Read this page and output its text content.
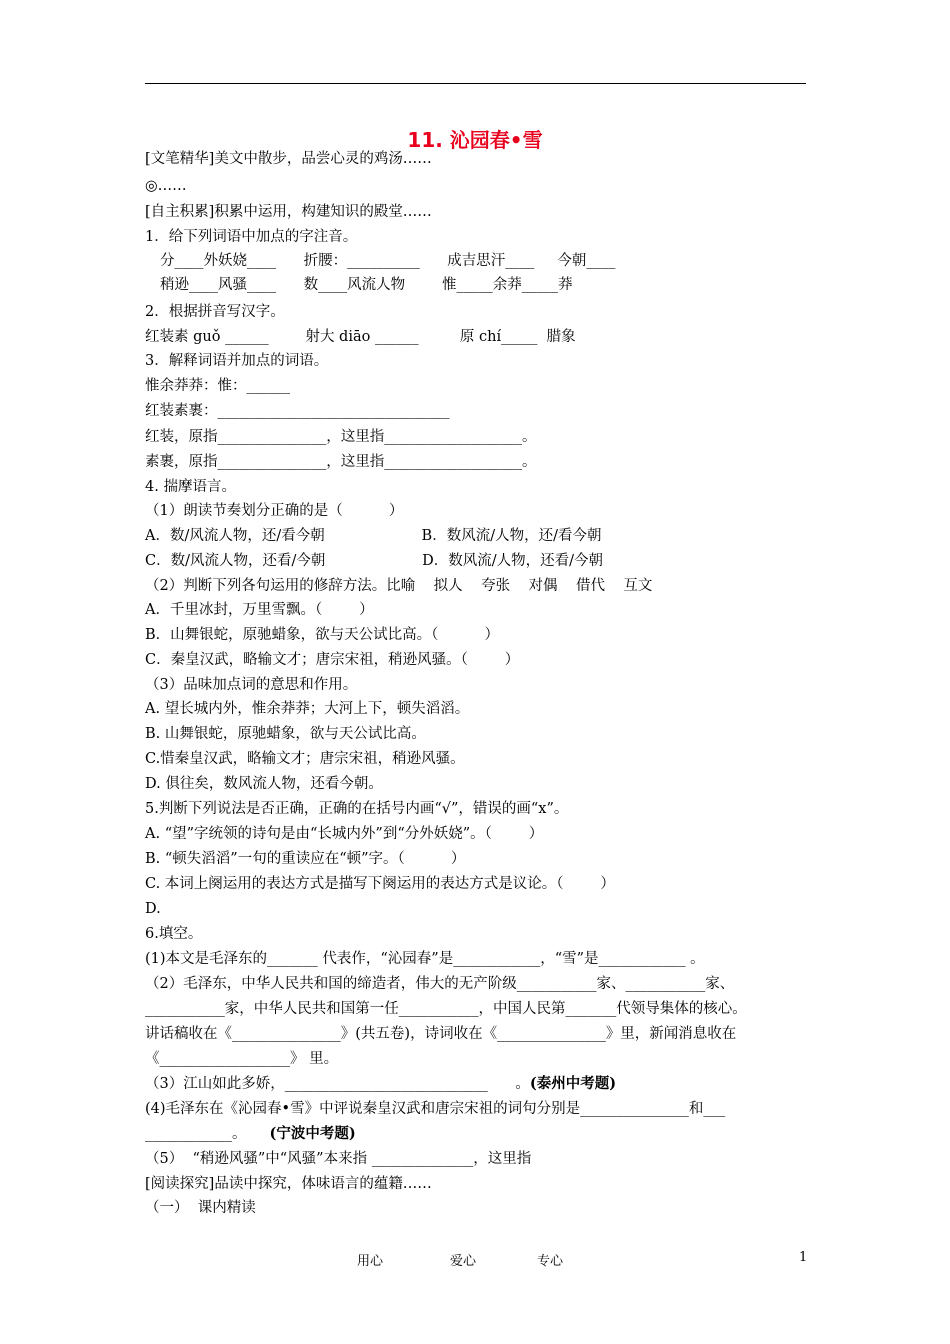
11. 沁园春•雪
[文笔精华]美文中散步，品尝心灵的鸡汤……
◎……
[自主积累]积累中运用，构建知识的殿堂……
1．给下列词语中加点的字注音。
分____外妖娆____      折腰：__________      成吉思汗____     今朝____
稍逊____风骚____      数____风流人物        惟_____余莽_____莽
2．根据拼音写汉字。
红装素 guǒ ______        射大 diāo ______         原 chí_____  腊象
3．解释词语并加点的词语。
惟余莽莽：惟：______
红装素裹：________________________________
红装，原指_______________，这里指___________________。
素裹，原指_______________，这里指___________________。
4. 揣摩语言。
（1）朗读节奏划分正确的是（          ）
A．数/风流人物，还/看今朝                     B．数风流/人物，还/看今朝
C．数/风流人物，还看/今朝                     D．数风流/人物，还看/今朝
（2）判断下列各句运用的修辞方法。比喻    拟人    夸张    对偶    借代    互文
A．千里冰封，万里雪飘。（        ）
B．山舞银蛇，原驰蜡象，欲与天公试比高。（          ）
C．秦皇汉武，略输文才；唐宗宋祖，稍逊风骚。（        ）
（3）品味加点词的意思和作用。
A. 望长城内外，惟余莽莽；大河上下，顿失滔滔。
B. 山舞银蛇，原驰蜡象，欲与天公试比高。
C.惜秦皇汉武，略输文才；唐宗宋祖，稍逊风骚。
D. 俱往矣，数风流人物，还看今朝。
5.判断下列说法是否正确，正确的在括号内画“√”，错误的画“x”。
A. “望”字统领的诗句是由“长城内外”到“分外妖娆”。（        ）
B. “顿失滔滔”一句的重读应在“顿”字。（          ）
C. 本词上阕运用的表达方式是描写下阕运用的表达方式是议论。（        ）
D.
6.填空。
(1)本文是毛泽东的_______ 代表作，“沁园春”是____________，“雪”是____________ 。
（2）毛泽东，中华人民共和国的缔造者，伟大的无产阶级___________家、___________家、
___________家，中华人民共和国第一任___________，中国人民第_______代领导集体的核心。
讲话稿收在《_______________》(共五卷)，诗词收在《_______________》里，新闻消息收在
《__________________》 里。
（3）江山如此多娇，____________________________      。(泰州中考题)
(4)毛泽东在《沁园春•雪》中评说秦皇汉武和唐宗宋祖的词句分别是_______________和___
____________。 (宁波中考题)
（5）  “稍逊风骚”中“风骚”本来指 ______________，这里指
[阅读探究]品读中探究，体味语言的蕴籍……
（一）  课内精读
用心	爱心	专心	1
